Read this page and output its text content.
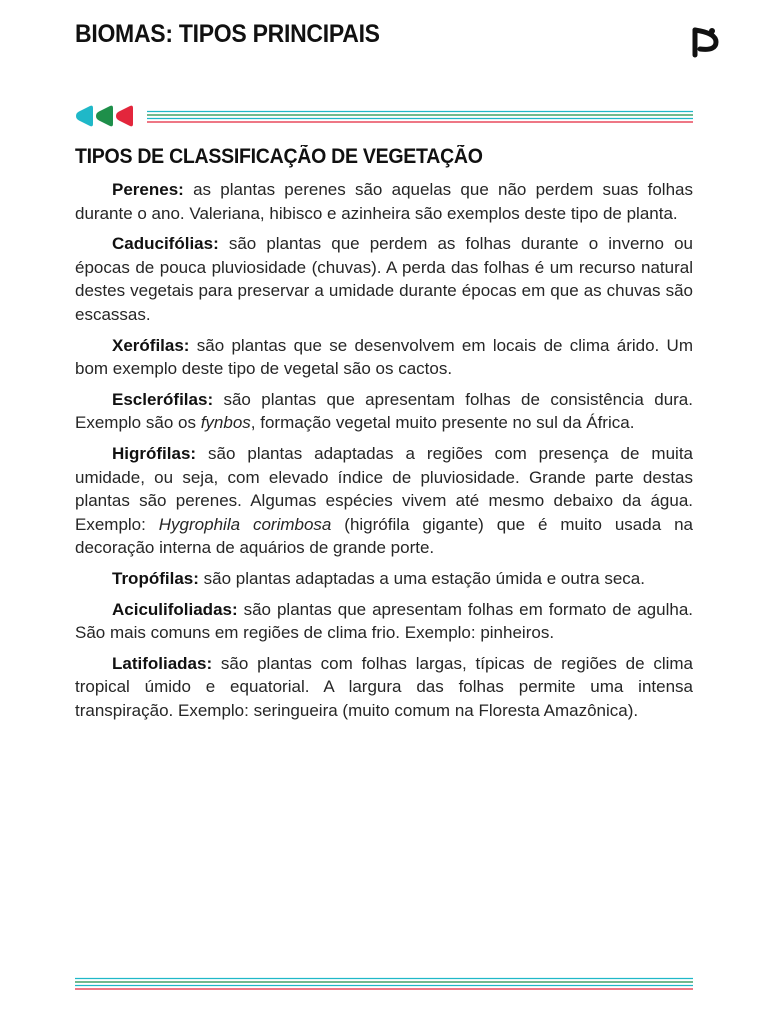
BIOMAS: TIPOS PRINCIPAIS
TIPOS DE CLASSIFICAÇÃO DE VEGETAÇÃO

Perenes: as plantas perenes são aquelas que não perdem suas folhas durante o ano. Valeriana, hibisco e azinheira são exemplos deste tipo de planta.

Caducifólias: são plantas que perdem as folhas durante o inverno ou épocas de pouca pluviosidade (chuvas). A perda das folhas é um recurso natural destes vegetais para preservar a umidade durante épocas em que as chuvas são escassas.

Xerófilas: são plantas que se desenvolvem em locais de clima árido. Um bom exemplo deste tipo de vegetal são os cactos.

Esclerófilas: são plantas que apresentam folhas de consistência dura. Exemplo são os fynbos, formação vegetal muito presente no sul da África.

Higrófilas: são plantas adaptadas a regiões com presença de muita umidade, ou seja, com elevado índice de pluviosidade. Grande parte destas plantas são perenes. Algumas espécies vivem até mesmo debaixo da água. Exemplo: Hygrophila corimbosa (higrófila gigante) que é muito usada na decoração interna de aquários de grande porte.

Tropófilas: são plantas adaptadas a uma estação úmida e outra seca.

Aciculifoliadas: são plantas que apresentam folhas em formato de agulha. São mais comuns em regiões de clima frio. Exemplo: pinheiros.

Latifoliadas: são plantas com folhas largas, típicas de regiões de clima tropical úmido e equatorial. A largura das folhas permite uma intensa transpiração. Exemplo: seringueira (muito comum na Floresta Amazônica).
